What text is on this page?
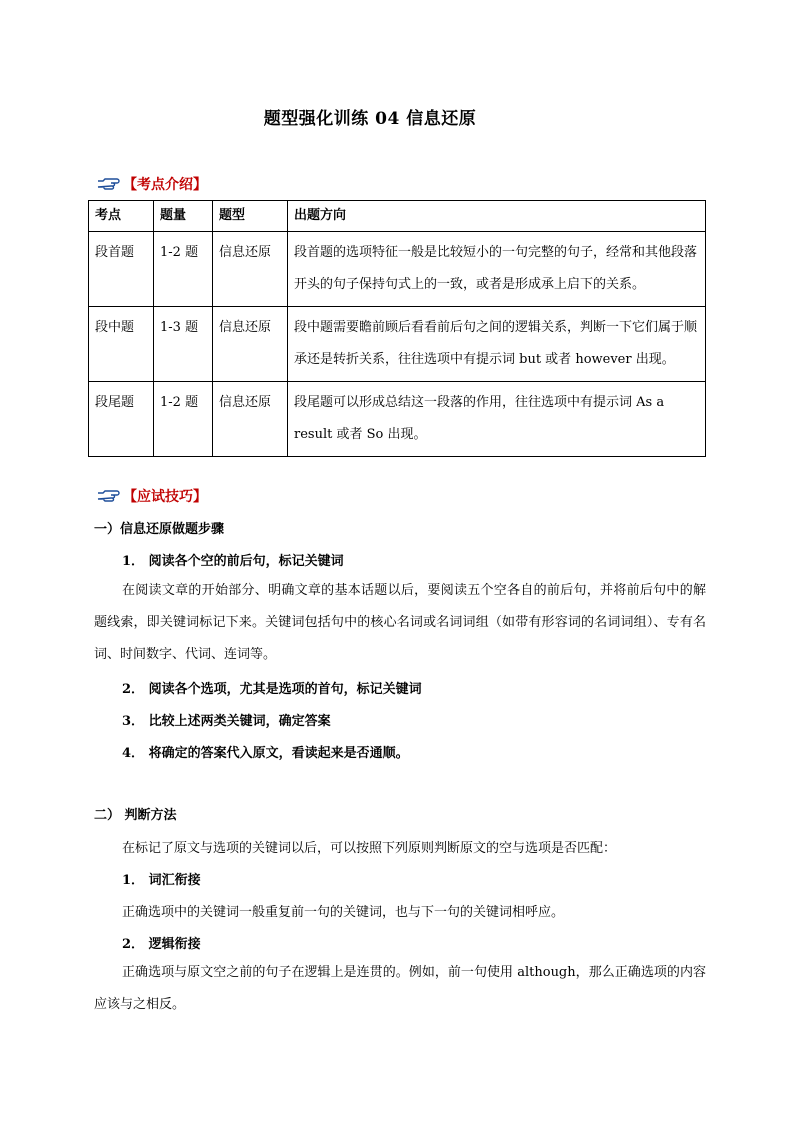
题型强化训练 04 信息还原
【考点介绍】
考点	题量	题型	出题方向
段首题	1-2 题	信息还原	段首题的选项特征一般是比较短小的一句完整的句子，经常和其他段落开头的句子保持句式上的一致，或者是形成承上启下的关系。
段中题	1-3 题	信息还原	段中题需要瞻前顾后看看前后句之间的逻辑关系，判断一下它们属于顺承还是转折关系，往往选项中有提示词 but 或者 however 出现。
段尾题	1-2 题	信息还原	段尾题可以形成总结这一段落的作用，往往选项中有提示词 As a result 或者 So 出现。
【应试技巧】
一）信息还原做题步骤
1． 阅读各个空的前后句，标记关键词
在阅读文章的开始部分、明确文章的基本话题以后，要阅读五个空各自的前后句，并将前后句中的解题线索，即关键词标记下来。关键词包括句中的核心名词或名词词组（如带有形容词的名词词组）、专有名词、时间数字、代词、连词等。
2． 阅读各个选项，尤其是选项的首句，标记关键词
3． 比较上述两类关键词，确定答案
4． 将确定的答案代入原文，看读起来是否通顺。
二） 判断方法
在标记了原文与选项的关键词以后，可以按照下列原则判断原文的空与选项是否匹配：
1． 词汇衔接
正确选项中的关键词一般重复前一句的关键词，也与下一句的关键词相呼应。
2． 逻辑衔接
正确选项与原文空之前的句子在逻辑上是连贯的。例如，前一句使用 although，那么正确选项的内容应该与之相反。
